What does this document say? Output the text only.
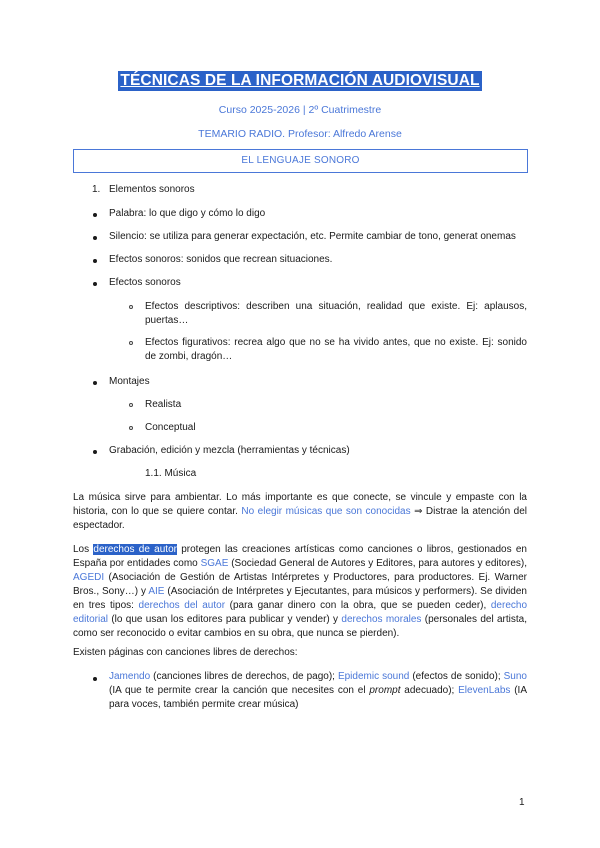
TÉCNICAS DE LA INFORMACIÓN AUDIOVISUAL
Curso 2025-2026 | 2º Cuatrimestre
TEMARIO RADIO. Profesor: Alfredo Arense
EL LENGUAJE SONORO
1. Elementos sonoros
Palabra: lo que digo y cómo lo digo
Silencio: se utiliza para generar expectación, etc. Permite cambiar de tono, generat onemas
Efectos sonoros: sonidos que recrean situaciones.
Efectos sonoros
Efectos descriptivos: describen una situación, realidad que existe. Ej: aplausos,
puertas…
Efectos figurativos: recrea algo que no se ha vivido antes, que no existe. Ej: sonido
de zombi, dragón…
Montajes
Realista
Conceptual
Grabación, edición y mezcla (herramientas y técnicas)
1.1. Música
La música sirve para ambientar. Lo más importante es que conecte, se vincule y empaste con la historia, con lo que se quiere contar. No elegir músicas que son conocidas ⇒ Distrae la atención del espectador.
Los derechos de autor protegen las creaciones artísticas como canciones o libros, gestionados en España por entidades como SGAE (Sociedad General de Autores y Editores, para autores y editores), AGEDI (Asociación de Gestión de Artistas Intérpretes y Productores, para productores. Ej. Warner Bros., Sony…) y AIE (Asociación de Intérpretes y Ejecutantes, para músicos y performers). Se dividen en tres tipos: derechos del autor (para ganar dinero con la obra, que se pueden ceder), derecho editorial (lo que usan los editores para publicar y vender) y derechos morales (personales del artista, como ser reconocido o evitar cambios en su obra, que nunca se pierden).
Existen páginas con canciones libres de derechos:
Jamendo (canciones libres de derechos, de pago); Epidemic sound (efectos de sonido); Suno (IA que te permite crear la canción que necesites con el prompt adecuado); ElevenLabs (IA para voces, también permite crear música)
1
